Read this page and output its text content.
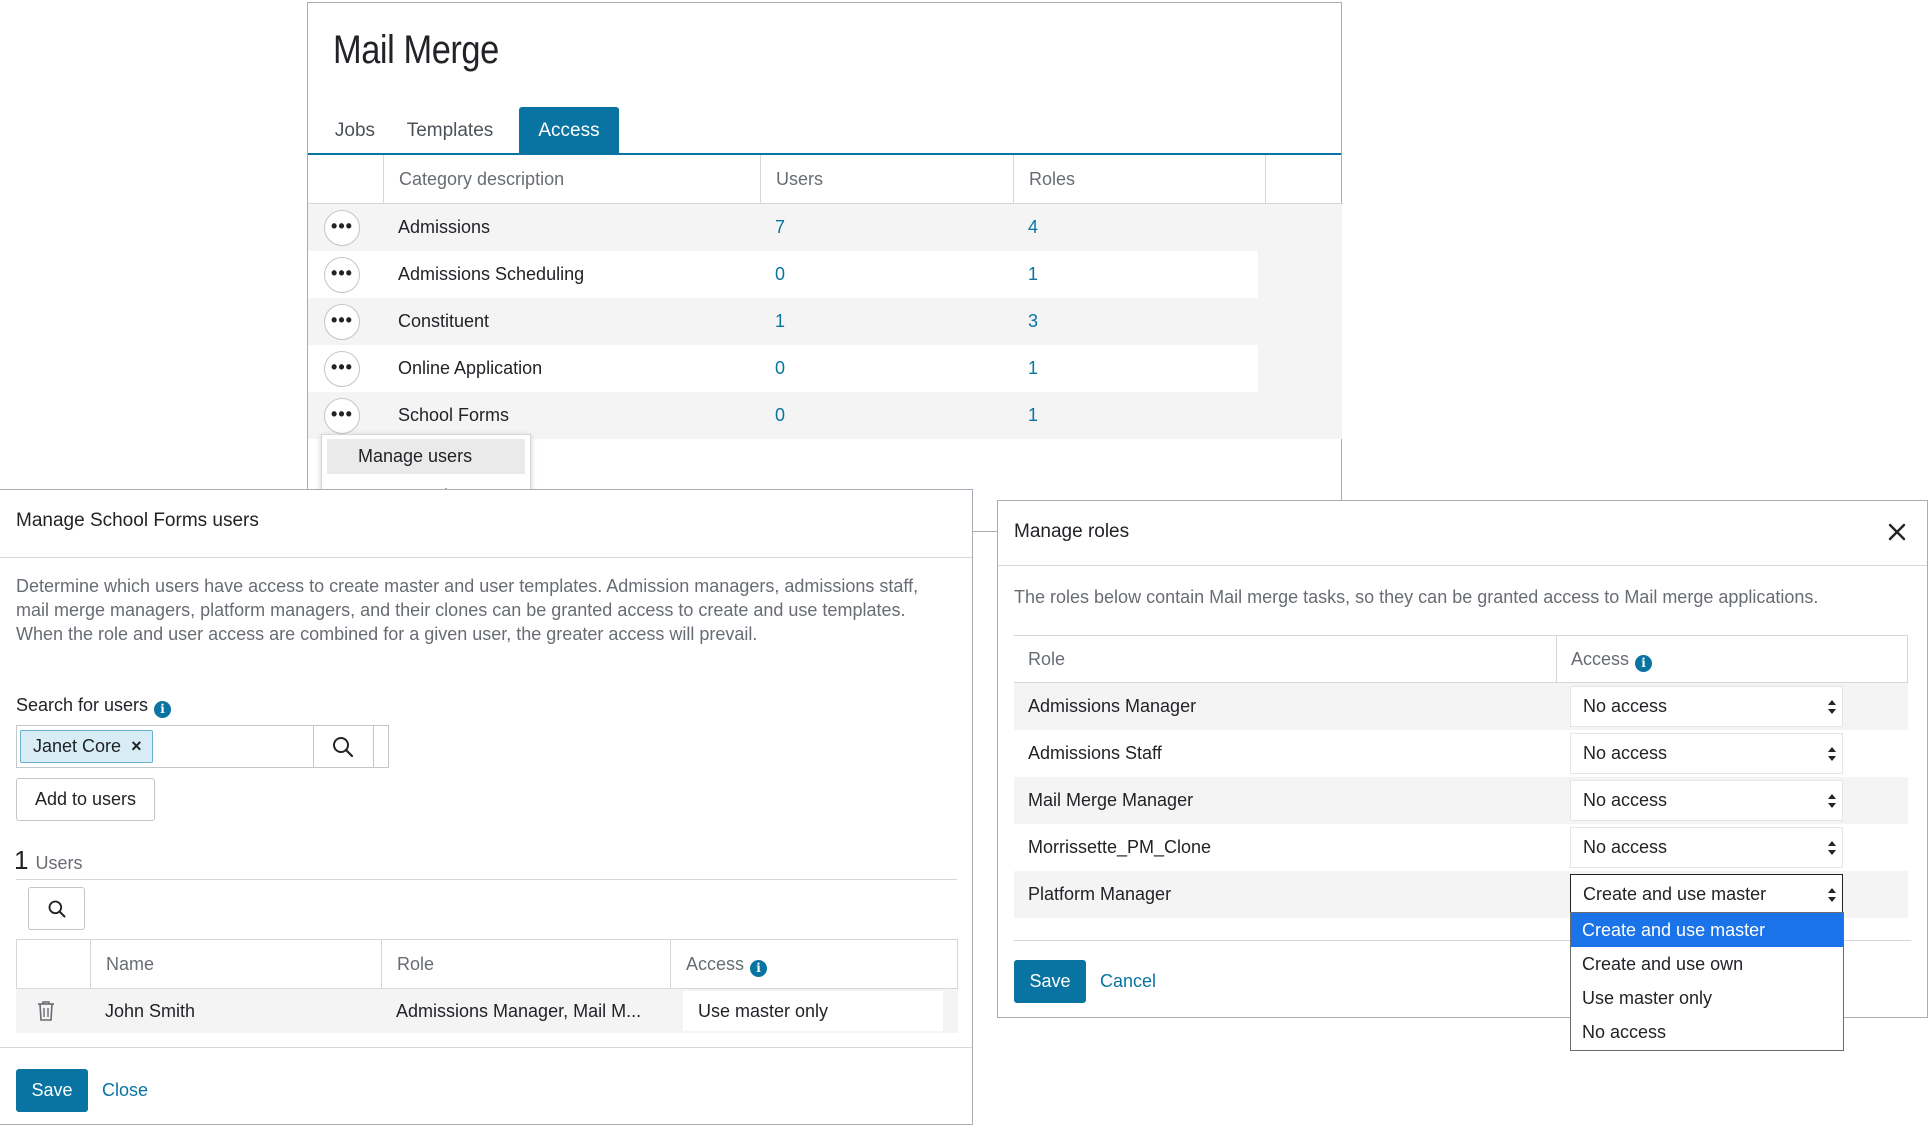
Mail Merge
Jobs	Templates	Access
Category description	Users	Roles
•••	Admissions	7	4
•••	Admissions Scheduling	0	1
•••	Constituent	1	3
•••	Online Application	0	1
•••	School Forms	0	1
Manage users
Manage School Forms users

Determine which users have access to create master and user templates. Admission managers, admissions staff, mail merge managers, platform managers, and their clones can be granted access to create and use templates.

When the role and user access are combined for a given user, the greater access will prevail.

Search for users i
Janet Core ×
Add to users
1 Users
Name	Role	Access i
John Smith	Admissions Manager, Mail M...	Use master only
Save	Close
Manage roles
The roles below contain Mail merge tasks, so they can be granted access to Mail merge applications.
Role	Access i
Admissions Manager	No access
Admissions Staff	No access
Mail Merge Manager	No access
Morrissette_PM_Clone	No access
Platform Manager	Create and use master
Save	Cancel
Create and use master
Create and use own
Use master only
No access
